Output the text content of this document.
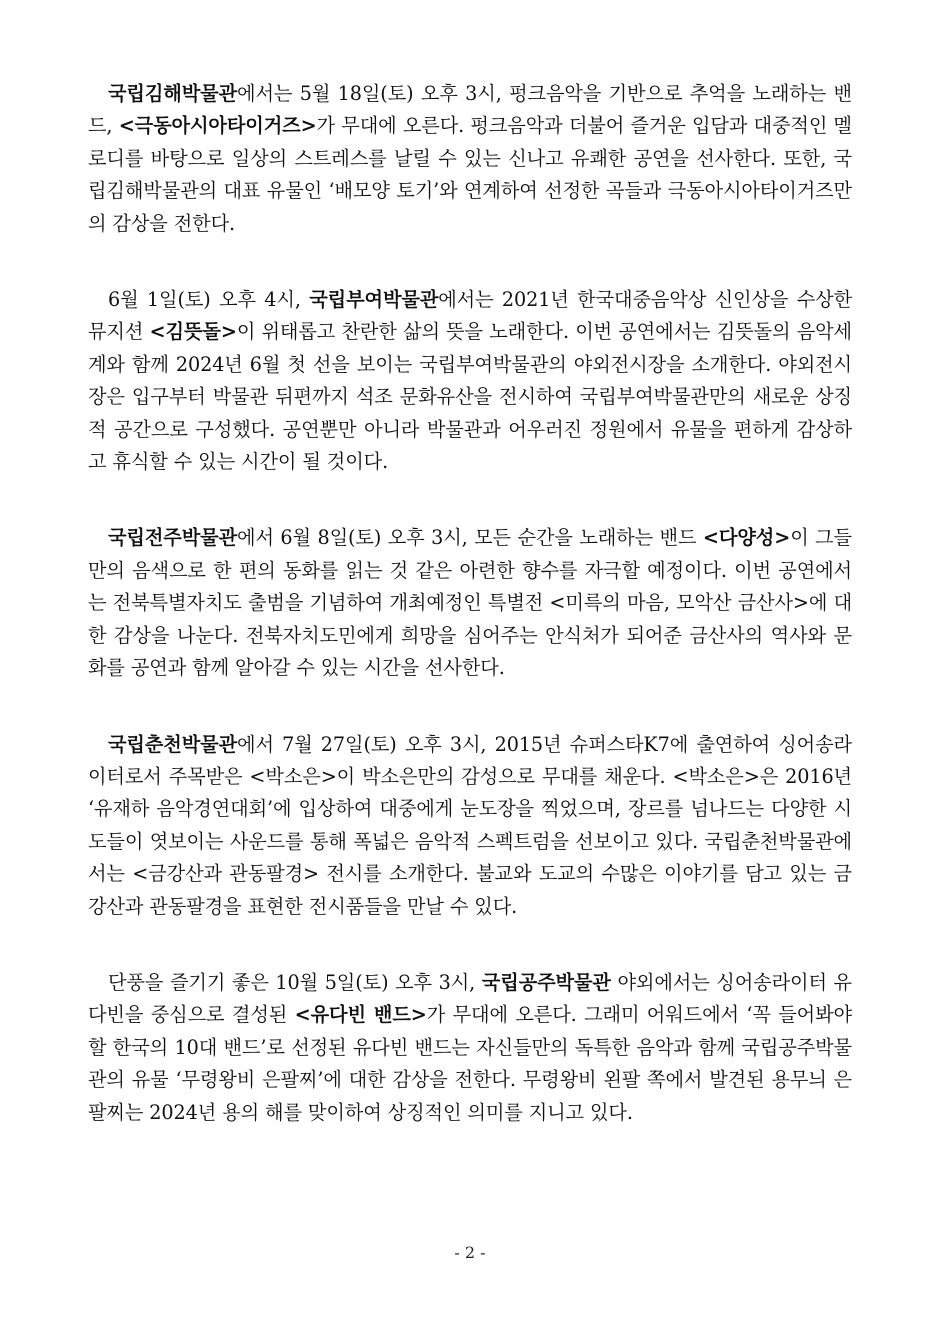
국립김해박물관에서는 5월 18일(토) 오후 3시, 펑크음악을 기반으로 추억을 노래하는 밴드, <극동아시아타이거즈>가 무대에 오른다. 펑크음악과 더불어 즐거운 입담과 대중적인 멜로디를 바탕으로 일상의 스트레스를 날릴 수 있는 신나고 유쾌한 공연을 선사한다. 또한, 국립김해박물관의 대표 유물인 ‘배모양 토기’와 연계하여 선정한 곡들과 극동아시아타이거즈만의 감상을 전한다.

6월 1일(토) 오후 4시, 국립부여박물관에서는 2021년 한국대중음악상 신인상을 수상한 뮤지션 <김뜻돌>이 위태롭고 찬란한 삶의 뜻을 노래한다. 이번 공연에서는 김뜻돌의 음악세계와 함께 2024년 6월 첫 선을 보이는 국립부여박물관의 야외전시장을 소개한다. 야외전시장은 입구부터 박물관 뒤편까지 석조 문화유산을 전시하여 국립부여박물관만의 새로운 상징적 공간으로 구성했다. 공연뿐만 아니라 박물관과 어우러진 정원에서 유물을 편하게 감상하고 휴식할 수 있는 시간이 될 것이다.

국립전주박물관에서 6월 8일(토) 오후 3시, 모든 순간을 노래하는 밴드 <다양성>이 그들만의 음색으로 한 편의 동화를 읽는 것 같은 아련한 향수를 자극할 예정이다. 이번 공연에서는 전북특별자치도 출범을 기념하여 개최예정인 특별전 <미륵의 마음, 모악산 금산사>에 대한 감상을 나눈다. 전북자치도민에게 희망을 심어주는 안식처가 되어준 금산사의 역사와 문화를 공연과 함께 알아갈 수 있는 시간을 선사한다.

국립춘천박물관에서 7월 27일(토) 오후 3시, 2015년 슈퍼스타K7에 출연하여 싱어송라이터로서 주목받은 <박소은>이 박소은만의 감성으로 무대를 채운다. <박소은>은 2016년 ‘유재하 음악경연대회’에 입상하여 대중에게 눈도장을 찍었으며, 장르를 넘나드는 다양한 시도들이 엿보이는 사운드를 통해 폭넓은 음악적 스펙트럼을 선보이고 있다. 국립춘천박물관에서는 <금강산과 관동팔경> 전시를 소개한다. 불교와 도교의 수많은 이야기를 담고 있는 금강산과 관동팔경을 표현한 전시품들을 만날 수 있다.

단풍을 즐기기 좋은 10월 5일(토) 오후 3시, 국립공주박물관 야외에서는 싱어송라이터 유다빈을 중심으로 결성된 <유다빈 밴드>가 무대에 오른다. 그래미 어워드에서 ‘꼭 들어봐야 할 한국의 10대 밴드’로 선정된 유다빈 밴드는 자신들만의 독특한 음악과 함께 국립공주박물관의 유물 ‘무령왕비 은팔찌’에 대한 감상을 전한다. 무령왕비 왼팔 쪽에서 발견된 용무늬 은팔찌는 2024년 용의 해를 맞이하여 상징적인 의미를 지니고 있다.

- 2 -
